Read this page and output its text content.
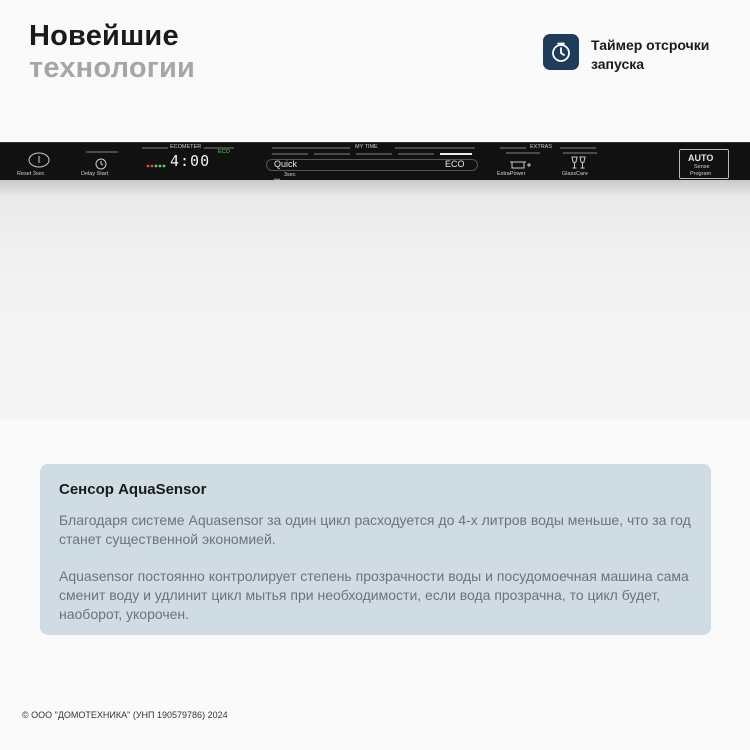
Новейшие
технологии
Таймер отсрочки
запуска
Reset 3sec	Delay Start
ECOMETER
ECO
4:00
MY TIME
Quick	ECO
3sec
EXTRAS
ExtraPower	GlassCare
AUTO
Sense
Program
Сенсор AquaSensor
Благодаря системе Aquasensor за один цикл расходуется до 4-х литров воды меньше, что за год станет существенной экономией.
Aquasensor постоянно контролирует степень прозрачности воды и посудомоечная машина сама сменит воду и удлинит цикл мытья при необходимости, если вода прозрачна, то цикл будет, наоборот, укорочен.
© ООО "ДОМОТЕХНИКА" (УНП 190579786) 2024
